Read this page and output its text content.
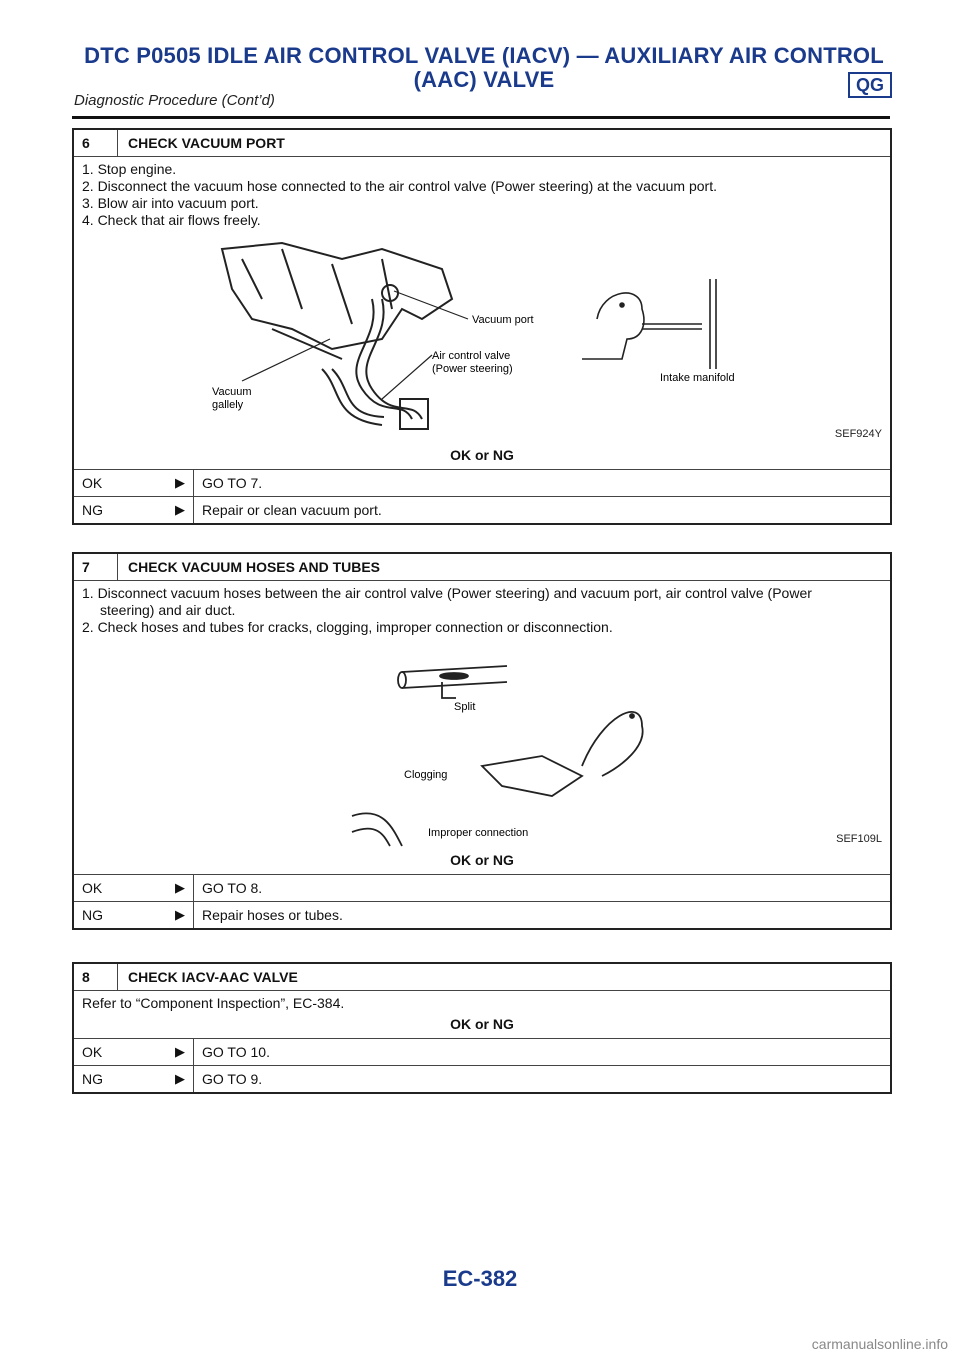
DTC P0505 IDLE AIR CONTROL VALVE (IACV) — AUXILIARY AIR CONTROL
(AAC) VALVE	QG
Diagnostic Procedure (Cont’d)
6	CHECK VACUUM PORT
1. Stop engine.
2. Disconnect the vacuum hose connected to the air control valve (Power steering) at the vacuum port.
3. Blow air into vacuum port.
4. Check that air flows freely.
Vacuum port
Air control valve
(Power steering)
Vacuum
gallely
Intake manifold
SEF924Y
OK or NG
OK	▶	GO TO 7.
NG	▶	Repair or clean vacuum port.
7	CHECK VACUUM HOSES AND TUBES
1. Disconnect vacuum hoses between the air control valve (Power steering) and vacuum port, air control valve (Power
steering) and air duct.
2. Check hoses and tubes for cracks, clogging, improper connection or disconnection.
Split
Clogging
Improper connection	SEF109L
OK or NG
OK	▶	GO TO 8.
NG	▶	Repair hoses or tubes.
8	CHECK IACV-AAC VALVE
Refer to “Component Inspection”, EC-384.
OK or NG
OK	▶	GO TO 10.
NG	▶	GO TO 9.
EC-382
carmanualsonline.info
